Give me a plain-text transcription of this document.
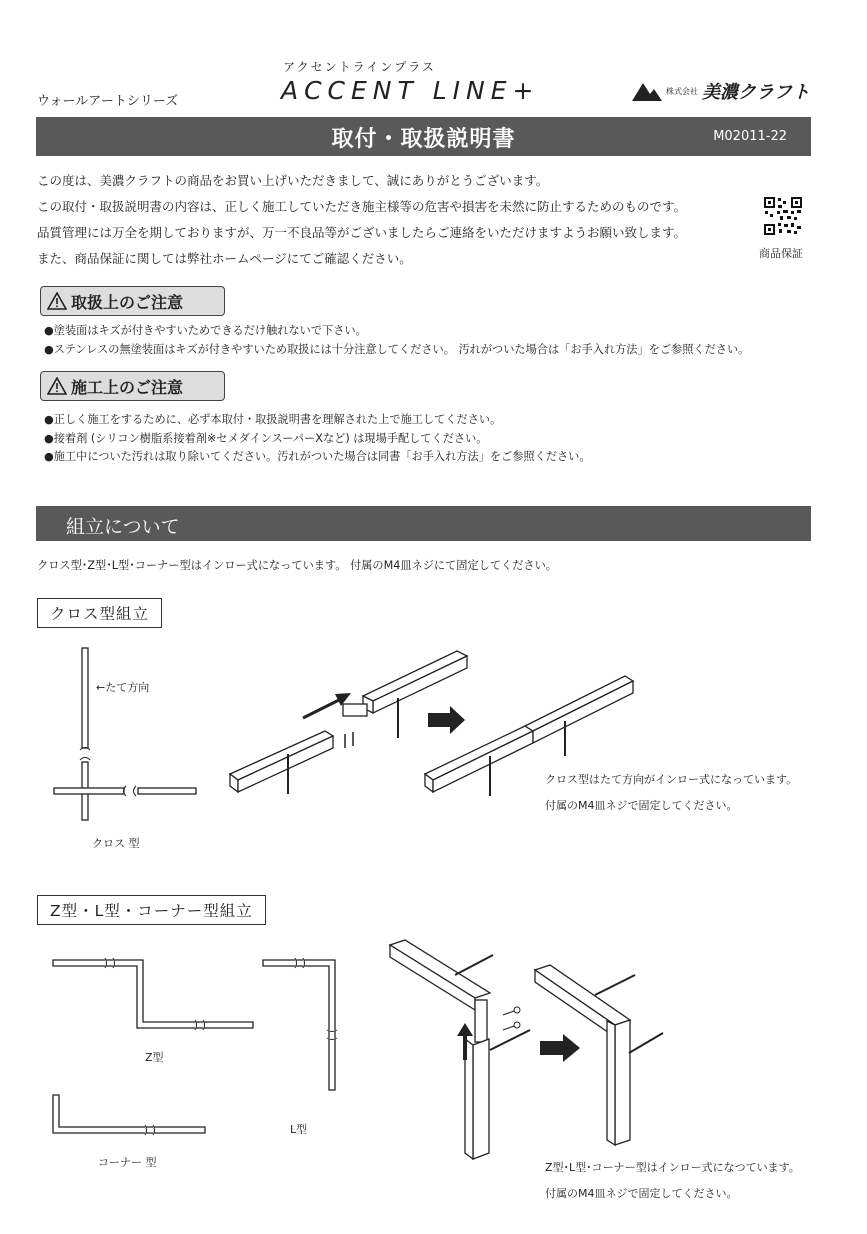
ウォールアートシリーズ
アクセントラインプラス
ACCENT LINE+	株式会社 美濃クラフト
取付・取扱説明書	M02011-22
この度は、美濃クラフトの商品をお買い上げいただきまして、誠にありがとうございます。
この取付・取扱説明書の内容は、正しく施工していただき施主様等の危害や損害を未然に防止するためのものです。
品質管理には万全を期しておりますが、万一不良品等がございましたらご連絡をいただけますようお願い致します。
また、商品保証に関しては弊社ホームページにてご確認ください。	商品保証
取扱上のご注意
● 塗装面はキズが付きやすいためできるだけ触れないで下さい。
● ステンレスの無塗装面はキズが付きやすいため取扱には十分注意してください。 汚れがついた場合は「お手入れ方法」をご参照ください。
施工上のご注意
● 正しく施工をするために、必ず本取付・取扱説明書を理解された上で施工してください。
● 接着剤 (シリコン樹脂系接着剤※セメダインスーパーXなど) は現場手配してください。
● 施工中についた汚れは取り除いてください。汚れがついた場合は同書「お手入れ方法」をご参照ください。
組立について
クロス型･Z型･L型･コーナー型はインロー式になっています。 付属のM4皿ネジにて固定してください。
クロス型組立
←たて方向
クロス 型
クロス型はたて方向がインロー式になっています。
付属のM4皿ネジで固定してください。
Z型・L型・コーナー型組立
Z型
L型
コーナー 型	Z型･L型･コーナー型はインロー式になつています。
付属のM4皿ネジで固定してください。
